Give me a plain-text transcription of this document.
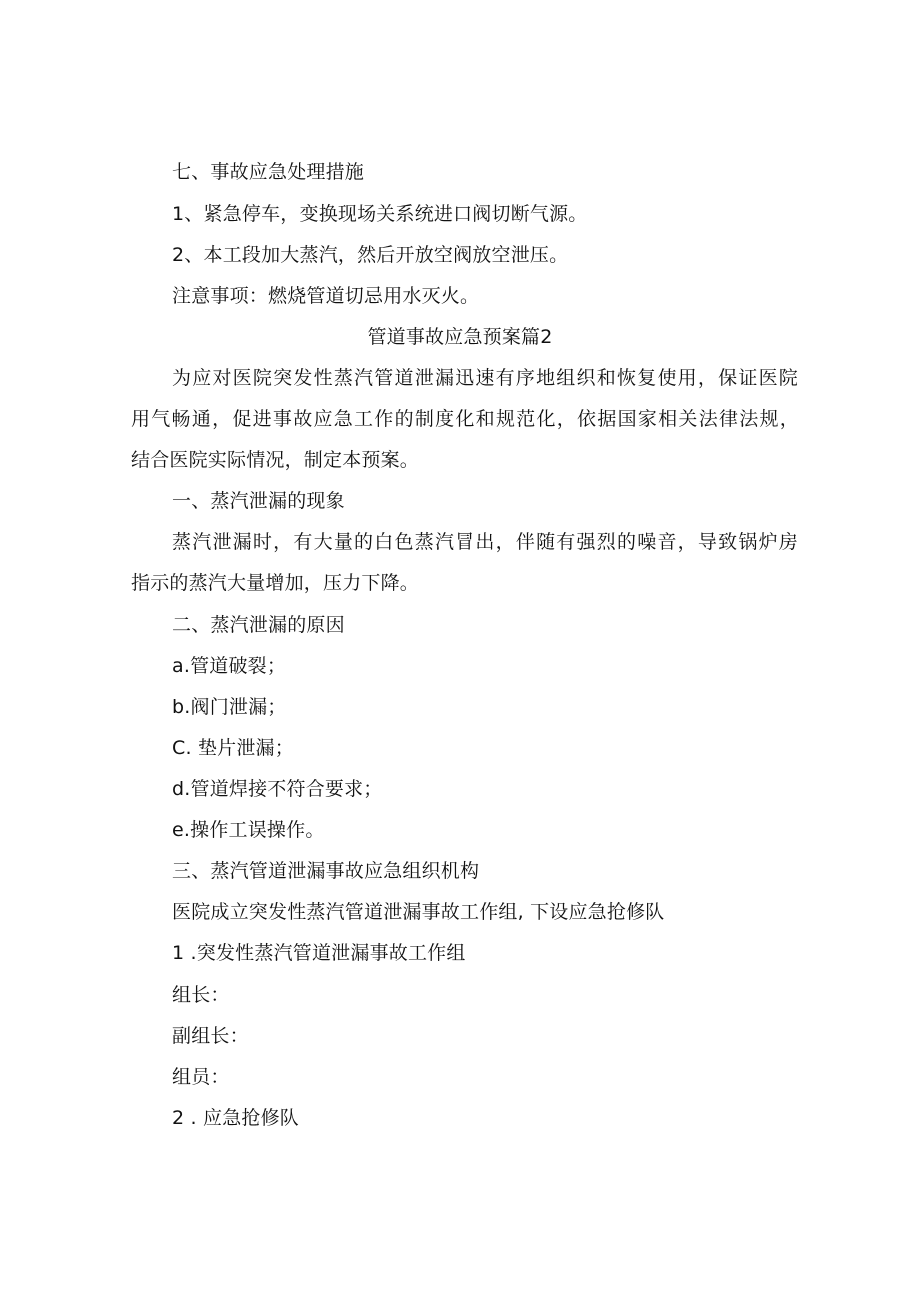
七、事故应急处理措施
1、紧急停车，变换现场关系统进口阀切断气源。
2、本工段加大蒸汽，然后开放空阀放空泄压。
注意事项：燃烧管道切忌用水灭火。
管道事故应急预案篇2
为应对医院突发性蒸汽管道泄漏迅速有序地组织和恢复使用，保证医院
用气畅通，促进事故应急工作的制度化和规范化，依据国家相关法律法规，
结合医院实际情况，制定本预案。
一、蒸汽泄漏的现象
蒸汽泄漏时，有大量的白色蒸汽冒出，伴随有强烈的噪音，导致锅炉房
指示的蒸汽大量增加，压力下降。
二、蒸汽泄漏的原因
a.管道破裂；
b.阀门泄漏；
C. 垫片泄漏；
d.管道焊接不符合要求；
e.操作工误操作。
三、蒸汽管道泄漏事故应急组织机构
医院成立突发性蒸汽管道泄漏事故工作组, 下设应急抢修队
1 .突发性蒸汽管道泄漏事故工作组
组长：
副组长：
组员：
2 . 应急抢修队
